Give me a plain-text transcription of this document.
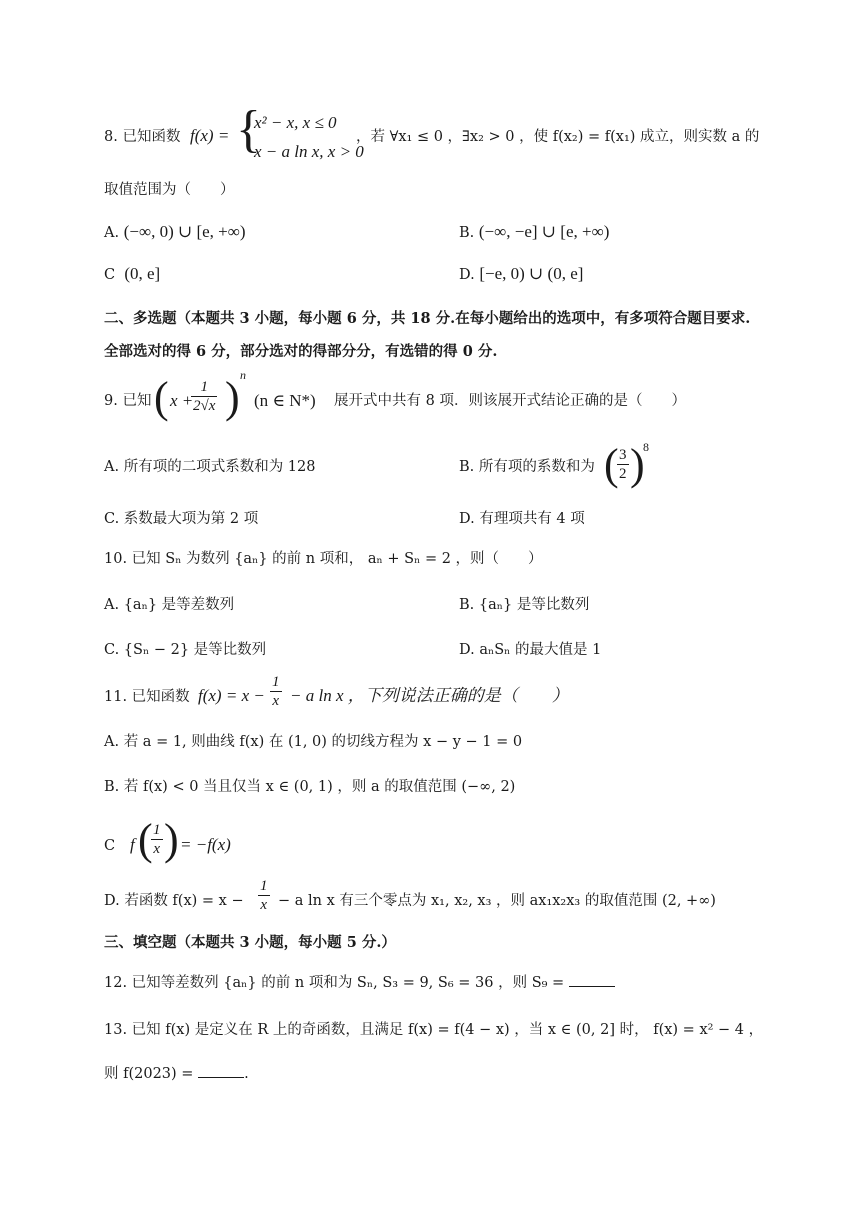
8. 已知函数 f(x) = {
x² − x, x ≤ 0
x − a ln x, x > 0
，若 ∀x₁ ≤ 0 ，∃x₂ > 0 ，使 f(x₂) = f(x₁) 成立，则实数 a 的
取值范围为（　　）
A. (−∞, 0) ∪ [e, +∞)	B. (−∞, −e] ∪ [e, +∞)
C (0, e]	D. [−e, 0) ∪ (0, e]
二、多选题（本题共 3 小题，每小题 6 分，共 18 分.在每小题给出的选项中，有多项符合题目要求.
全部选对的得 6 分，部分选对的得部分分，有选错的得 0 分.
9. 已知 ( x +
$\frac{1}{2√x}$ ) n
(n ∈ N*) 展开式中共有 8 项．则该展开式结论正确的是（　　）
A. 所有项的二项式系数和为 128	B. 所有项的系数和为 (
$\frac{3}{2}$ )
8
C. 系数最大项为第 2 项	D. 有理项共有 4 项
10. 已知 Sₙ 为数列 {aₙ} 的前 n 项和， aₙ + Sₙ = 2 ，则（　　）
A. {aₙ} 是等差数列	B. {aₙ} 是等比数列
C. {Sₙ − 2} 是等比数列	D. aₙSₙ 的最大值是 1
11. 已知函数 $f(x) = x - \frac{1}{x} - a$ ln x ，下列说法正确的是（　　）
A. 若 a = 1, 则曲线 f(x) 在 (1, 0) 的切线方程为 x − y − 1 = 0
B. 若 f(x) < 0 当且仅当 x ∈ (0, 1) ，则 a 的取值范围 (−∞, 2)
C f (
$\frac{1}{x}$ ) = −f(x)
D. 若函数 $f(x) = x - \frac{1}{x} - a$ ln x 有三个零点为 x₁, x₂, x₃ ，则 ax₁x₂x₃ 的取值范围 (2, +∞)
三、填空题（本题共 3 小题，每小题 5 分.）
12. 已知等差数列 {aₙ} 的前 n 项和为 Sₙ, S₃ = 9, S₆ = 36 ，则 S₉ =
13. 已知 f(x) 是定义在 R 上的奇函数，且满足 f(x) = f(4 − x) ，当 x ∈ (0, 2] 时， f(x) = x² − 4 ，
则 f(2023) =	.
